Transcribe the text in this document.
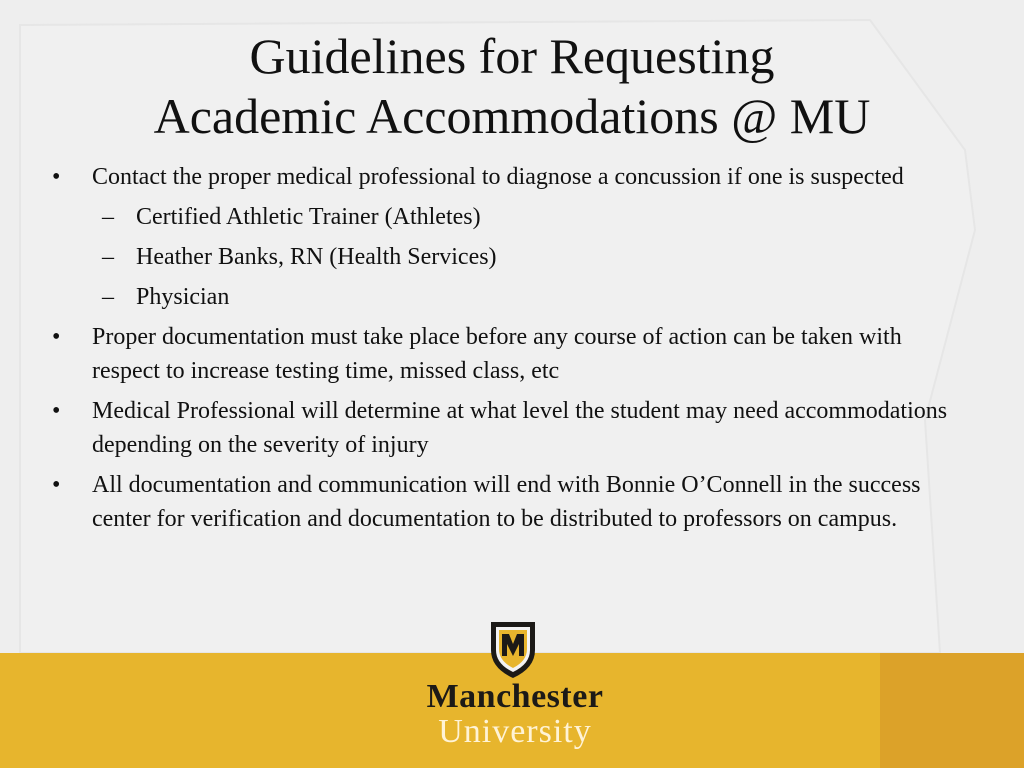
Guidelines for Requesting
Academic Accommodations @ MU
• Contact the proper medical professional to diagnose a concussion if one is suspected
– Certified Athletic Trainer (Athletes)
– Heather Banks, RN (Health Services)
– Physician
• Proper documentation must take place before any course of action can be taken with respect to increase testing time, missed class, etc
• Medical Professional will determine at what level the student may need accommodations depending on the severity of injury
• All documentation and communication will end with Bonnie O’Connell in the success center for verification and documentation to be distributed to professors on campus.
Manchester
University
